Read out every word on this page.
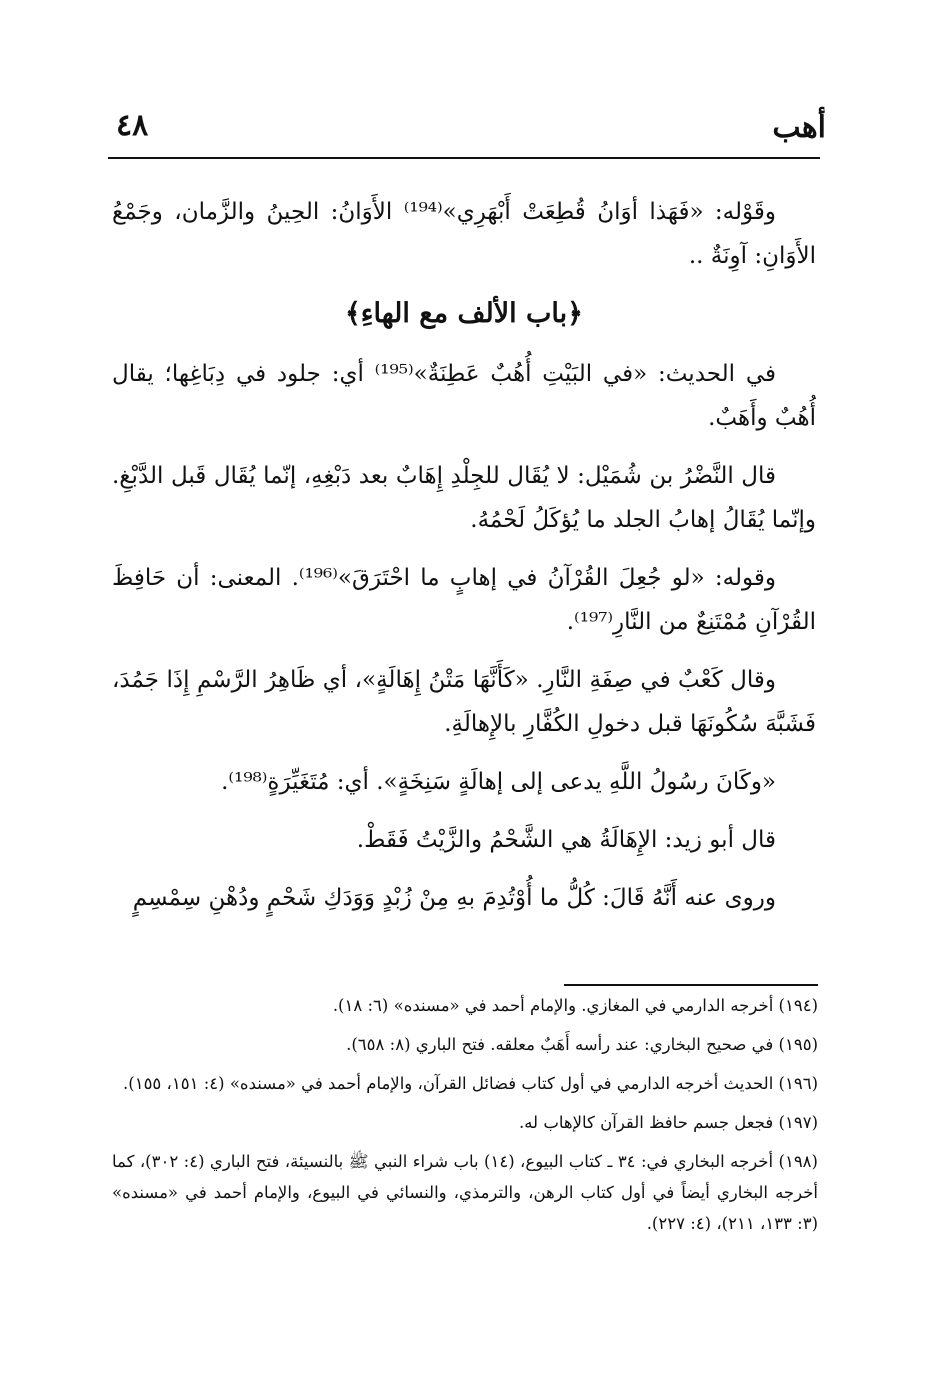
أهب
٤٨

وقَوْله: «فَهَذا أوَانُ قُطِعَتْ أَبْهَرِي»⁽¹⁹⁴⁾ الأَوَانُ: الحِينُ والزَّمان، وجَمْعُ الأَوَانِ: آوِنَةٌ ..

﴿باب الألف مع الهاءِ﴾

في الحديث: «في البَيْتِ أُهُبٌ عَطِنَةٌ»⁽¹⁹⁵⁾ أي: جلود في دِبَاغِها؛ يقال أُهُبٌ وأَهَبٌ.

قال النَّضْرُ بن شُمَيْل: لا يُقَال للجِلْدِ إِهَابٌ بعد دَبْغِهِ، إنّما يُقَال قَبل الدَّبْغِ. وإنّما يُقَالُ إهابُ الجلد ما يُؤكَلُ لَحْمُهُ.

وقوله: «لو جُعِلَ القُرْآنُ في إهابٍ ما احْتَرَقَ»⁽¹⁹⁶⁾. المعنى: أن حَافِظَ القُرْآنِ مُمْتَنِعٌ من النَّارِ⁽¹⁹⁷⁾.

وقال كَعْبٌ في صِفَةِ النَّارِ. «كَأَنَّهَا مَتْنُ إِهَالَةٍ»، أي ظَاهِرُ الرَّسْمِ إِذَا جَمُدَ، فَشَبَّهَ سُكُونَهَا قبل دخولِ الكُفَّارِ بالإِهالَةِ.

«وكَانَ رسُولُ اللَّهِ يدعى إلى إهالَةٍ سَنِخَةٍ». أي: مُتَغَيِّرَةٍ⁽¹⁹⁸⁾.

قال أبو زيد: الإِهَالَةُ هي الشَّحْمُ والزَّيْتُ فَقَطْ.

وروى عنه أَنَّهُ قَالَ: كُلُّ ما أُوْتُدِمَ بهِ مِنْ زُبْدٍ وَوَدَكِ شَحْمٍ ودُهْنِ سِمْسِمٍ

(١٩٤) أخرجه الدارمي في المغازي. والإمام أحمد في «مسنده» (٦: ١٨).
(١٩٥) في صحيح البخاري: عند رأسه أَهَبٌ معلقه. فتح الباري (٨: ٦٥٨).
(١٩٦) الحديث أخرجه الدارمي في أول كتاب فضائل القرآن، والإمام أحمد في «مسنده» (٤: ١٥١، ١٥٥).
(١٩٧) فجعل جسم حافظ القرآن كالإهاب له.
(١٩٨) أخرجه البخاري في: ٣٤ ـ كتاب البيوع، (١٤) باب شراء النبي ﷺ بالنسيئة، فتح الباري (٤: ٣٠٢)، كما أخرجه البخاري أيضاً في أول كتاب الرهن، والترمذي، والنسائي في البيوع، والإمام أحمد في «مسنده» (٣: ١٣٣، ٢١١)، (٤: ٢٢٧).
